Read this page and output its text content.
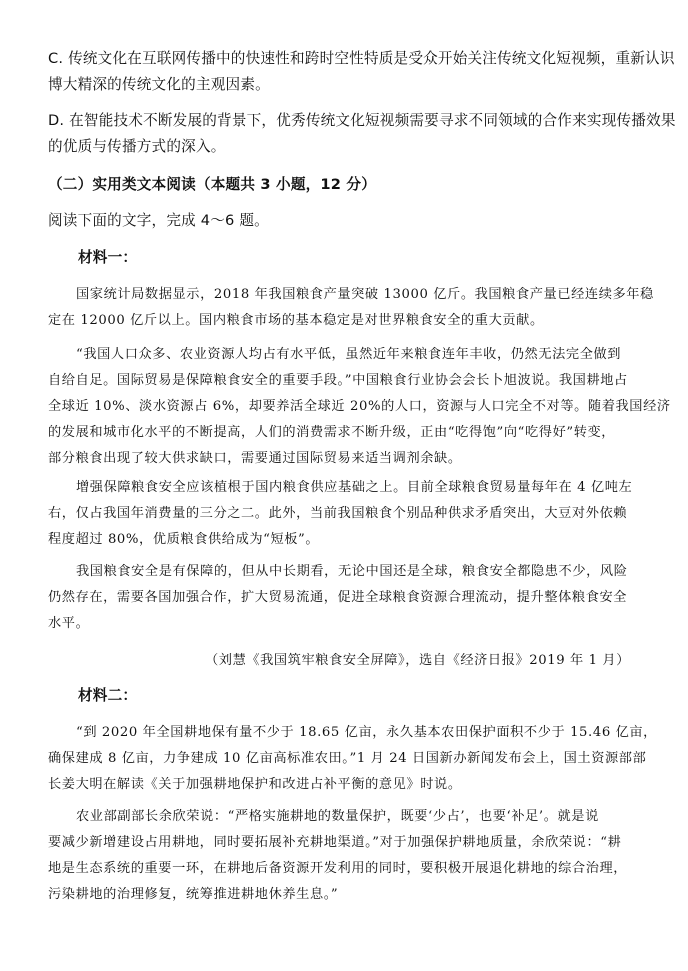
C. 传统文化在互联网传播中的快速性和跨时空性特质是受众开始关注传统文化短视频，重新认识
博大精深的传统文化的主观因素。
D. 在智能技术不断发展的背景下，优秀传统文化短视频需要寻求不同领域的合作来实现传播效果
的优质与传播方式的深入。
（二）实用类文本阅读（本题共 3 小题，12 分）
阅读下面的文字，完成 4～6 题。
材料一：
国家统计局数据显示，2018 年我国粮食产量突破 13000 亿斤。我国粮食产量已经连续多年稳
定在 12000 亿斤以上。国内粮食市场的基本稳定是对世界粮食安全的重大贡献。
“我国人口众多、农业资源人均占有水平低，虽然近年来粮食连年丰收，仍然无法完全做到
自给自足。国际贸易是保障粮食安全的重要手段。”中国粮食行业协会会长卜旭波说。我国耕地占
全球近 10%、淡水资源占 6%，却要养活全球近 20%的人口，资源与人口完全不对等。随着我国经济
的发展和城市化水平的不断提高，人们的消费需求不断升级，正由“吃得饱”向“吃得好”转变，
部分粮食出现了较大供求缺口，需要通过国际贸易来适当调剂余缺。
增强保障粮食安全应该植根于国内粮食供应基础之上。目前全球粮食贸易量每年在 4 亿吨左
右，仅占我国年消费量的三分之二。此外，当前我国粮食个别品种供求矛盾突出，大豆对外依赖
程度超过 80%，优质粮食供给成为“短板”。
我国粮食安全是有保障的，但从中长期看，无论中国还是全球，粮食安全都隐患不少，风险
仍然存在，需要各国加强合作，扩大贸易流通，促进全球粮食资源合理流动，提升整体粮食安全
水平。
（刘慧《我国筑牢粮食安全屏障》，选自《经济日报》2019 年 1 月）
材料二：
“到 2020 年全国耕地保有量不少于 18.65 亿亩，永久基本农田保护面积不少于 15.46 亿亩，
确保建成 8 亿亩，力争建成 10 亿亩高标准农田。”1 月 24 日国新办新闻发布会上，国土资源部部
长姜大明在解读《关于加强耕地保护和改进占补平衡的意见》时说。
农业部副部长余欣荣说：“严格实施耕地的数量保护，既要‘少占’，也要‘补足’。就是说
要减少新增建设占用耕地，同时要拓展补充耕地渠道。”对于加强保护耕地质量，余欣荣说：“耕
地是生态系统的重要一环，在耕地后备资源开发利用的同时，要积极开展退化耕地的综合治理，
污染耕地的治理修复，统筹推进耕地休养生息。”
